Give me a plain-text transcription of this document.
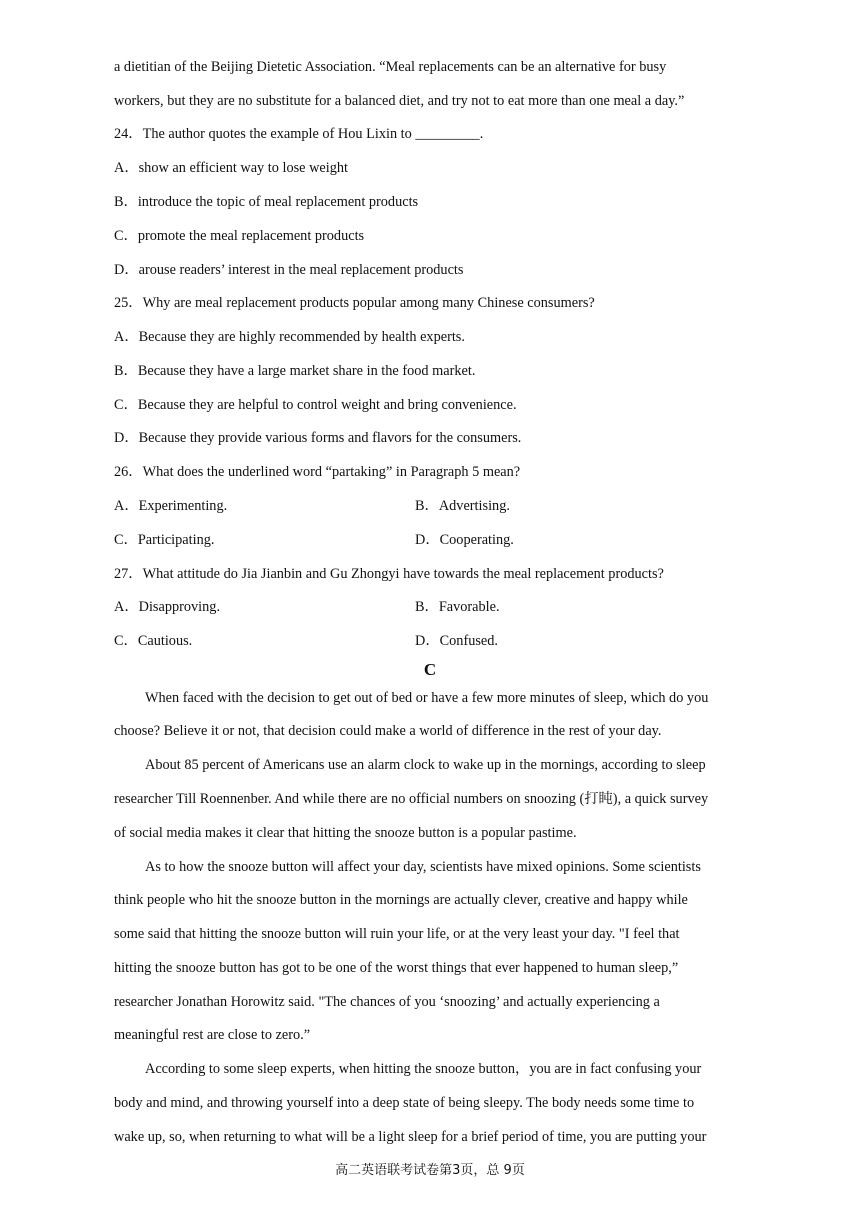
a dietitian of the Beijing Dietetic Association. “Meal replacements can be an alternative for busy
workers, but they are no substitute for a balanced diet, and try not to eat more than one meal a day.”
24．The author quotes the example of Hou Lixin to _________.
A．show an efficient way to lose weight
B．introduce the topic of meal replacement products
C．promote the meal replacement products
D．arouse readers’ interest in the meal replacement products
25．Why are meal replacement products popular among many Chinese consumers?
A．Because they are highly recommended by health experts.
B．Because they have a large market share in the food market.
C．Because they are helpful to control weight and bring convenience.
D．Because they provide various forms and flavors for the consumers.
26．What does the underlined word “partaking” in Paragraph 5 mean?
A．Experimenting.	B．Advertising.
C．Participating.	D．Cooperating.
27．What attitude do Jia Jianbin and Gu Zhongyi have towards the meal replacement products?
A．Disapproving.	B．Favorable.
C．Cautious.	D．Confused.
C
When faced with the decision to get out of bed or have a few more minutes of sleep, which do you
choose? Believe it or not, that decision could make a world of difference in the rest of your day.
About 85 percent of Americans use an alarm clock to wake up in the mornings, according to sleep
researcher Till Roennenber. And while there are no official numbers on snoozing (打盹), a quick survey
of social media makes it clear that hitting the snooze button is a popular pastime.
As to how the snooze button will affect your day, scientists have mixed opinions. Some scientists
think people who hit the snooze button in the mornings are actually clever, creative and happy while
some said that hitting the snooze button will ruin your life, or at the very least your day. "I feel that
hitting the snooze button has got to be one of the worst things that ever happened to human sleep,”
researcher Jonathan Horowitz said. "The chances of you ‘snoozing’ and actually experiencing a
meaningful rest are close to zero.”
According to some sleep experts, when hitting the snooze button，you are in fact confusing your
body and mind, and throwing yourself into a deep state of being sleepy. The body needs some time to
wake up, so, when returning to what will be a light sleep for a brief period of time, you are putting your
高二英语联考试卷第3页，总 9页
